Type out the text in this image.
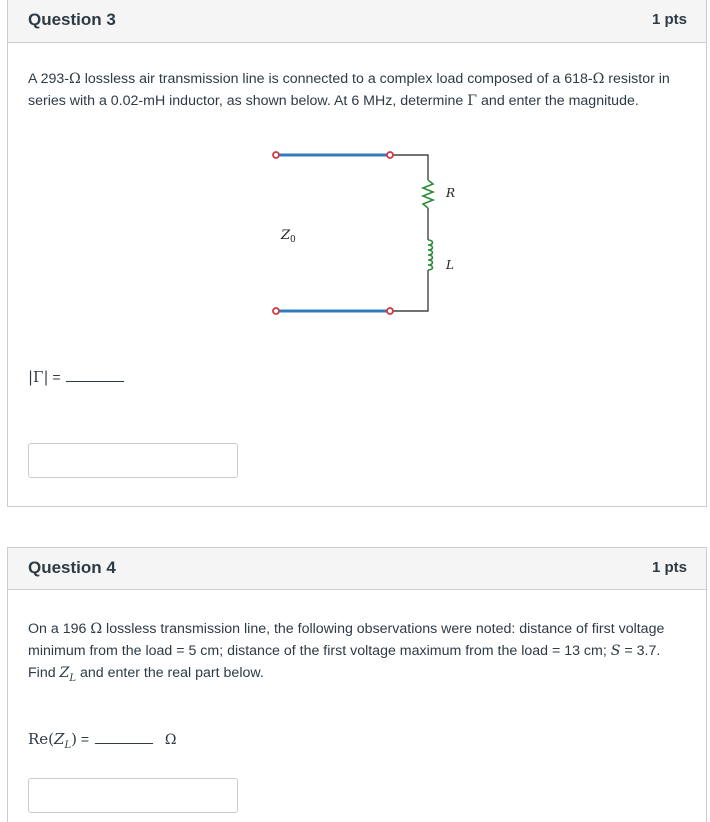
Question 3	1 pts
A 293-Ω lossless air transmission line is connected to a complex load composed of a 618-Ω resistor in series with a 0.02-mH inductor, as shown below. At 6 MHz, determine Γ and enter the magnitude.
$Z_0$
R
L
|Γ| =
Question 4	1 pts
On a 196 Ω lossless transmission line, the following observations were noted: distance of first voltage minimum from the load = 5 cm; distance of the first voltage maximum from the load = 13 cm; S = 3.7. Find $Z_L$ and enter the real part below.
$Re(Z_L)$ =	Ω
